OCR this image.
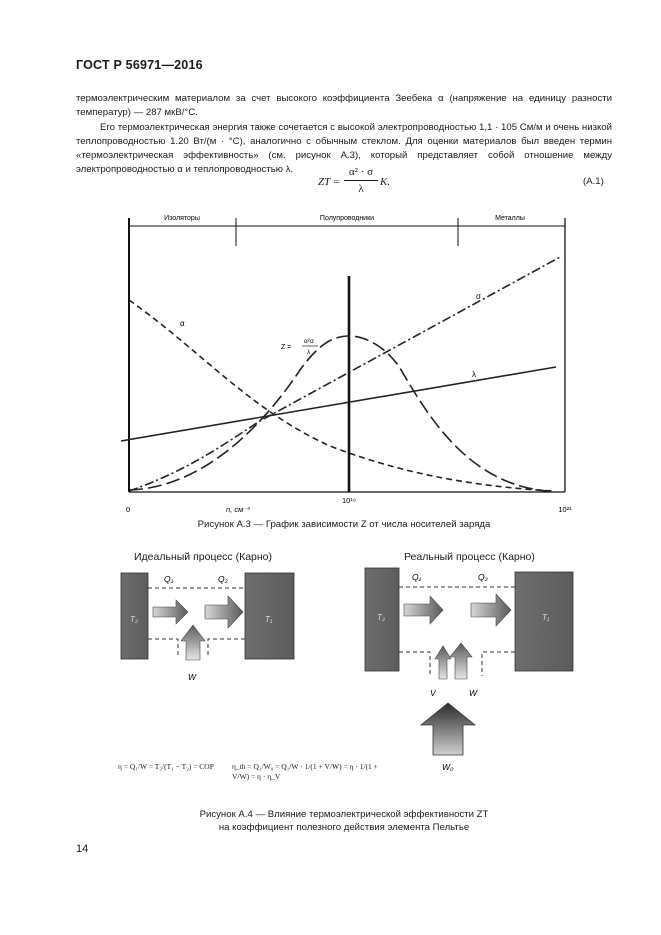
ГОСТ Р 56971—2016
термоэлектрическим материалом за счет высокого коэффициента Зеебека α (напряжение на единицу разности температур) — 287 мкВ/°С.
Его термоэлектрическая энергия также сочетается с высокой электропроводностью 1,1 · 105 См/м и очень низкой теплопроводностью 1.20 Вт/(м · °С), аналогично с обычным стеклом. Для оценки материалов был введен термин «термоэлектрическая эффективность» (см. рисунок А.3), который представляет собой отношение между электропроводностью α и теплопроводностью λ.
ZT =
α² · σ
λ
K.	(А.1)
Изоляторы	Полупроводники	Металлы
α
σ
λ
Z =
α²σ
λ
0	n, см⁻³
10¹⁹
10²¹
Рисунок А.3 — График зависимости Z от числа носителей заряда
Идеальный процесс (Карно)	Реальный процесс (Карно)
T₂	T₁
Q₁	Q₂
W
T₂	T₁
Q₁	Q₂
V	W
W₀
η = Q₁/W = T₂/(T₁ − T₂) = COP η_th = Q₁/W₀ = Q₁/W · 1/(1 + V/W) = η · 1/(1 + V/W) = η · η_V
Рисунок А.4 — Влияние термоэлектрической эффективности ZT
на коэффициент полезного действия элемента Пельтье
14
